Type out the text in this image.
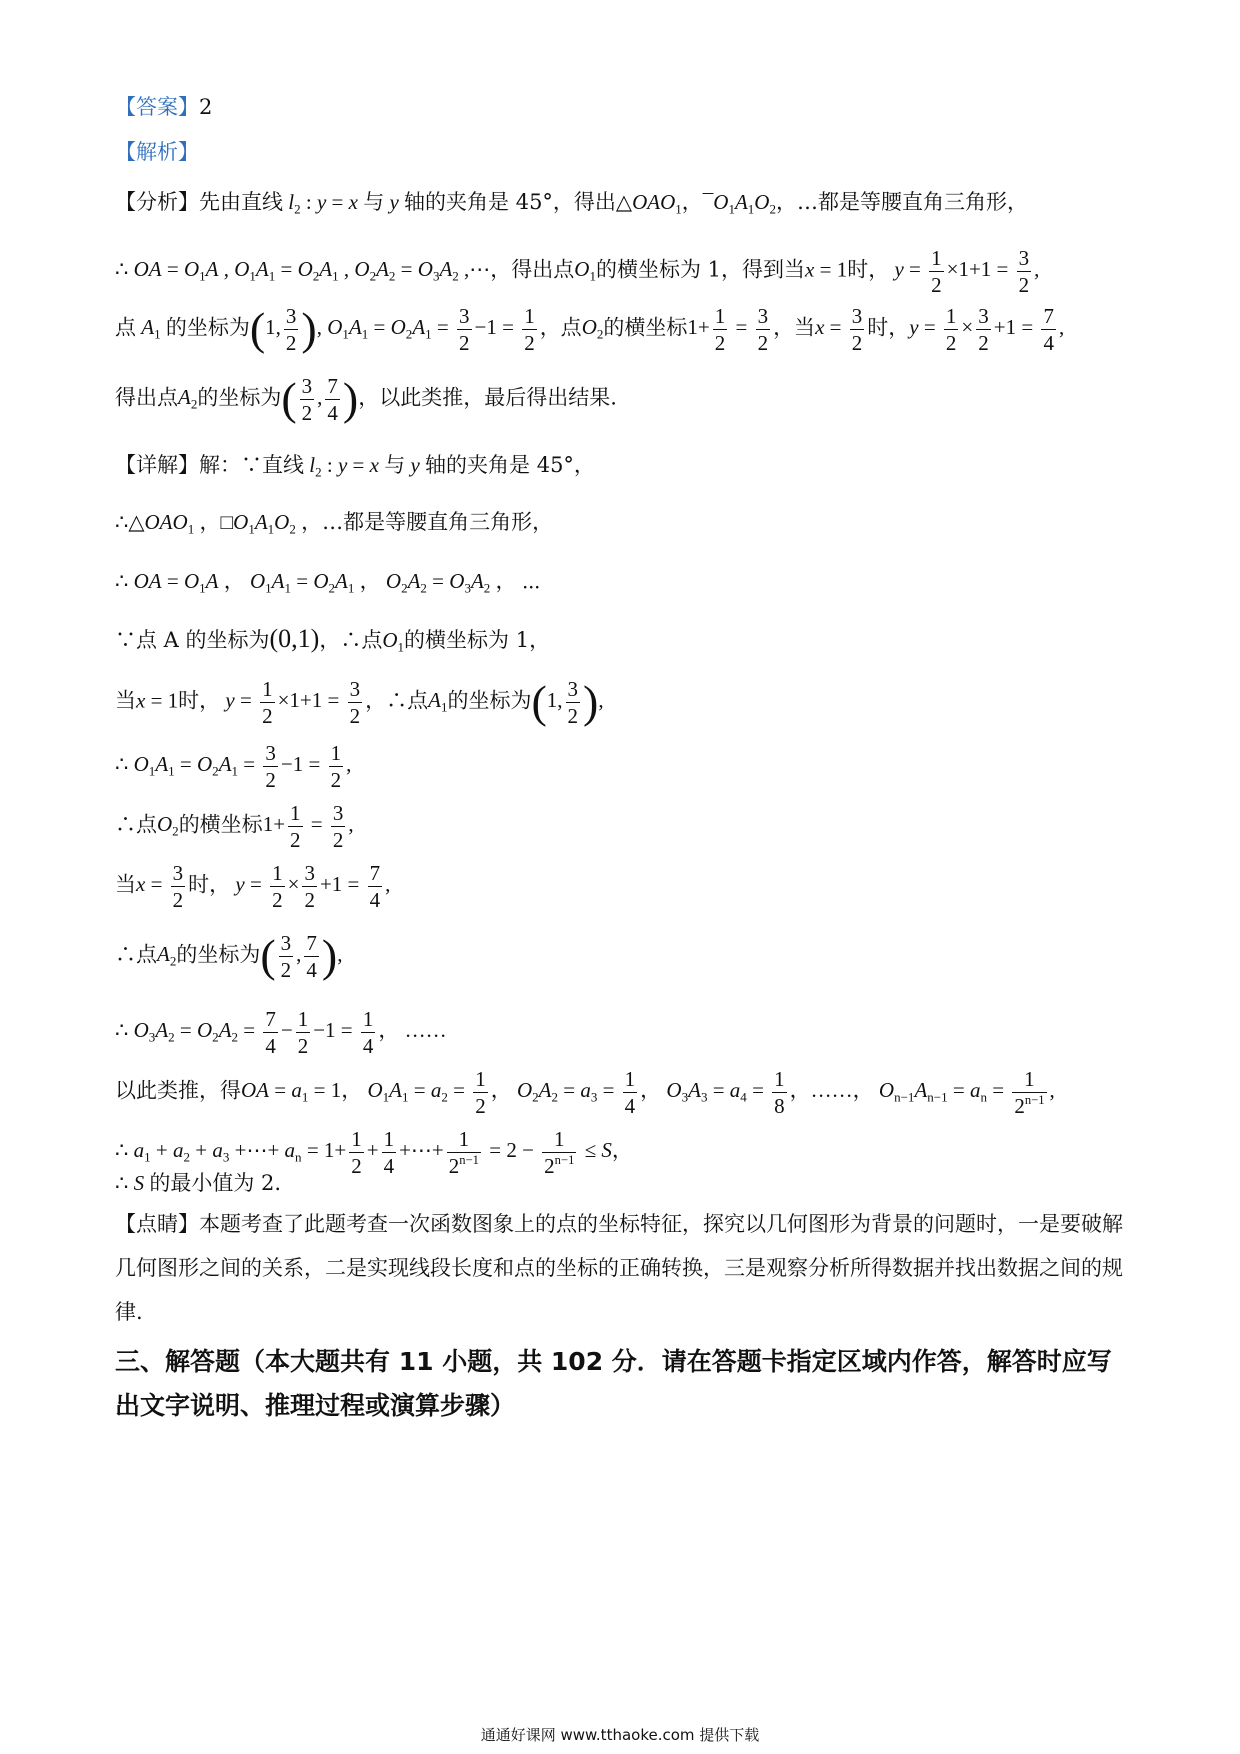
【答案】2
【解析】
【分析】先由直线 $l_2$ : y = x 与 y 轴的夹角是 45°，得出$\triangle OAO_1$，$¯O_1A_1O_2$，…都是等腰直角三角形，
∴ OA = $O_1A$ , $O_1A_1 = O_2A_1$ , $O_2A_2 = O_3A_2$ ,⋯，得出点$O_1$的横坐标为 1，得到当x = 1时， $y = \frac{1}{2} \times 1+1 = \frac{3}{2}$ ,
点 $A_1$ 的坐标为(1, $\frac{3}{2}$ ), $O_1A_1 = O_2A_1 = \frac{3}{2} -1 = \frac{1}{2}$ ，点$O_2$的横坐标$1+ \frac{1}{2} = \frac{3}{2}$ ，当$x = \frac{3}{2}$ 时，$y = \frac{1}{2} \times \frac{3}{2} +1 = \frac{7}{4}$ ,
得出点$A_2$的坐标为( $\frac{3}{2}$ , $\frac{7}{4}$ )，以此类推，最后得出结果.
【详解】解：∵直线 $l_2$ : y = x 与 y 轴的夹角是 45°，
$\therefore\triangle OAO_1$ ，$□O_1A_1O_2$ ，…都是等腰直角三角形，
∴ OA = $O_1A$ ， $O_1A_1 = O_2A_1$ ， $O_2A_2 = O_3A_2$ ， ⋯
∵点 A 的坐标为(0,1)，∴点$O_1$的横坐标为 1，
当x = 1时， $y = \frac{1}{2} \times 1+1 = \frac{3}{2}$ ，∴点$A_1$的坐标为(1, $\frac{3}{2}$ ),
∴ $O_1A_1 = O_2A_1 = \frac{3}{2} -1 = \frac{1}{2}$ ,
∴点$O_2$的横坐标$1+ \frac{1}{2} = \frac{3}{2}$ ,
当$x = \frac{3}{2}$ 时， $y = \frac{1}{2} \times \frac{3}{2} +1 = \frac{7}{4}$ ,
∴点$A_2$的坐标为( $\frac{3}{2}$ , $\frac{7}{4}$ ),
∴ $O_3A_2 = O_2A_2 = \frac{7}{4} - \frac{1}{2} -1 = \frac{1}{4}$ ， ……
以此类推，得OA = $a_1 = 1$， $O_1A_1 = a_2 = \frac{1}{2}$ ， $O_2A_2 = a_3 = \frac{1}{4}$ ， $O_3A_3 = a_4 = \frac{1}{8}$ ，……， $O_{n-1}A_{n-1} = a_n = \frac{1}{2^{n-1}}$ ,
∴ $a_1 + a_2 + a_3$ +⋯+ $a_n = 1+ \frac{1}{2} + \frac{1}{4}$ +⋯+ $\frac{1}{2^{n-1}} = 2 - \frac{1}{2^{n-1}} \le S$，
∴ S 的最小值为 2.
【点睛】本题考查了此题考查一次函数图象上的点的坐标特征，探究以几何图形为背景的问题时，一是要破解几何图形之间的关系，二是实现线段长度和点的坐标的正确转换，三是观察分析所得数据并找出数据之间的规律.
三、解答题（本大题共有 11 小题，共 102 分．请在答题卡指定区域内作答，解答时应写出文字说明、推理过程或演算步骤）
通通好课网 www.tthaoke.com 提供下载
